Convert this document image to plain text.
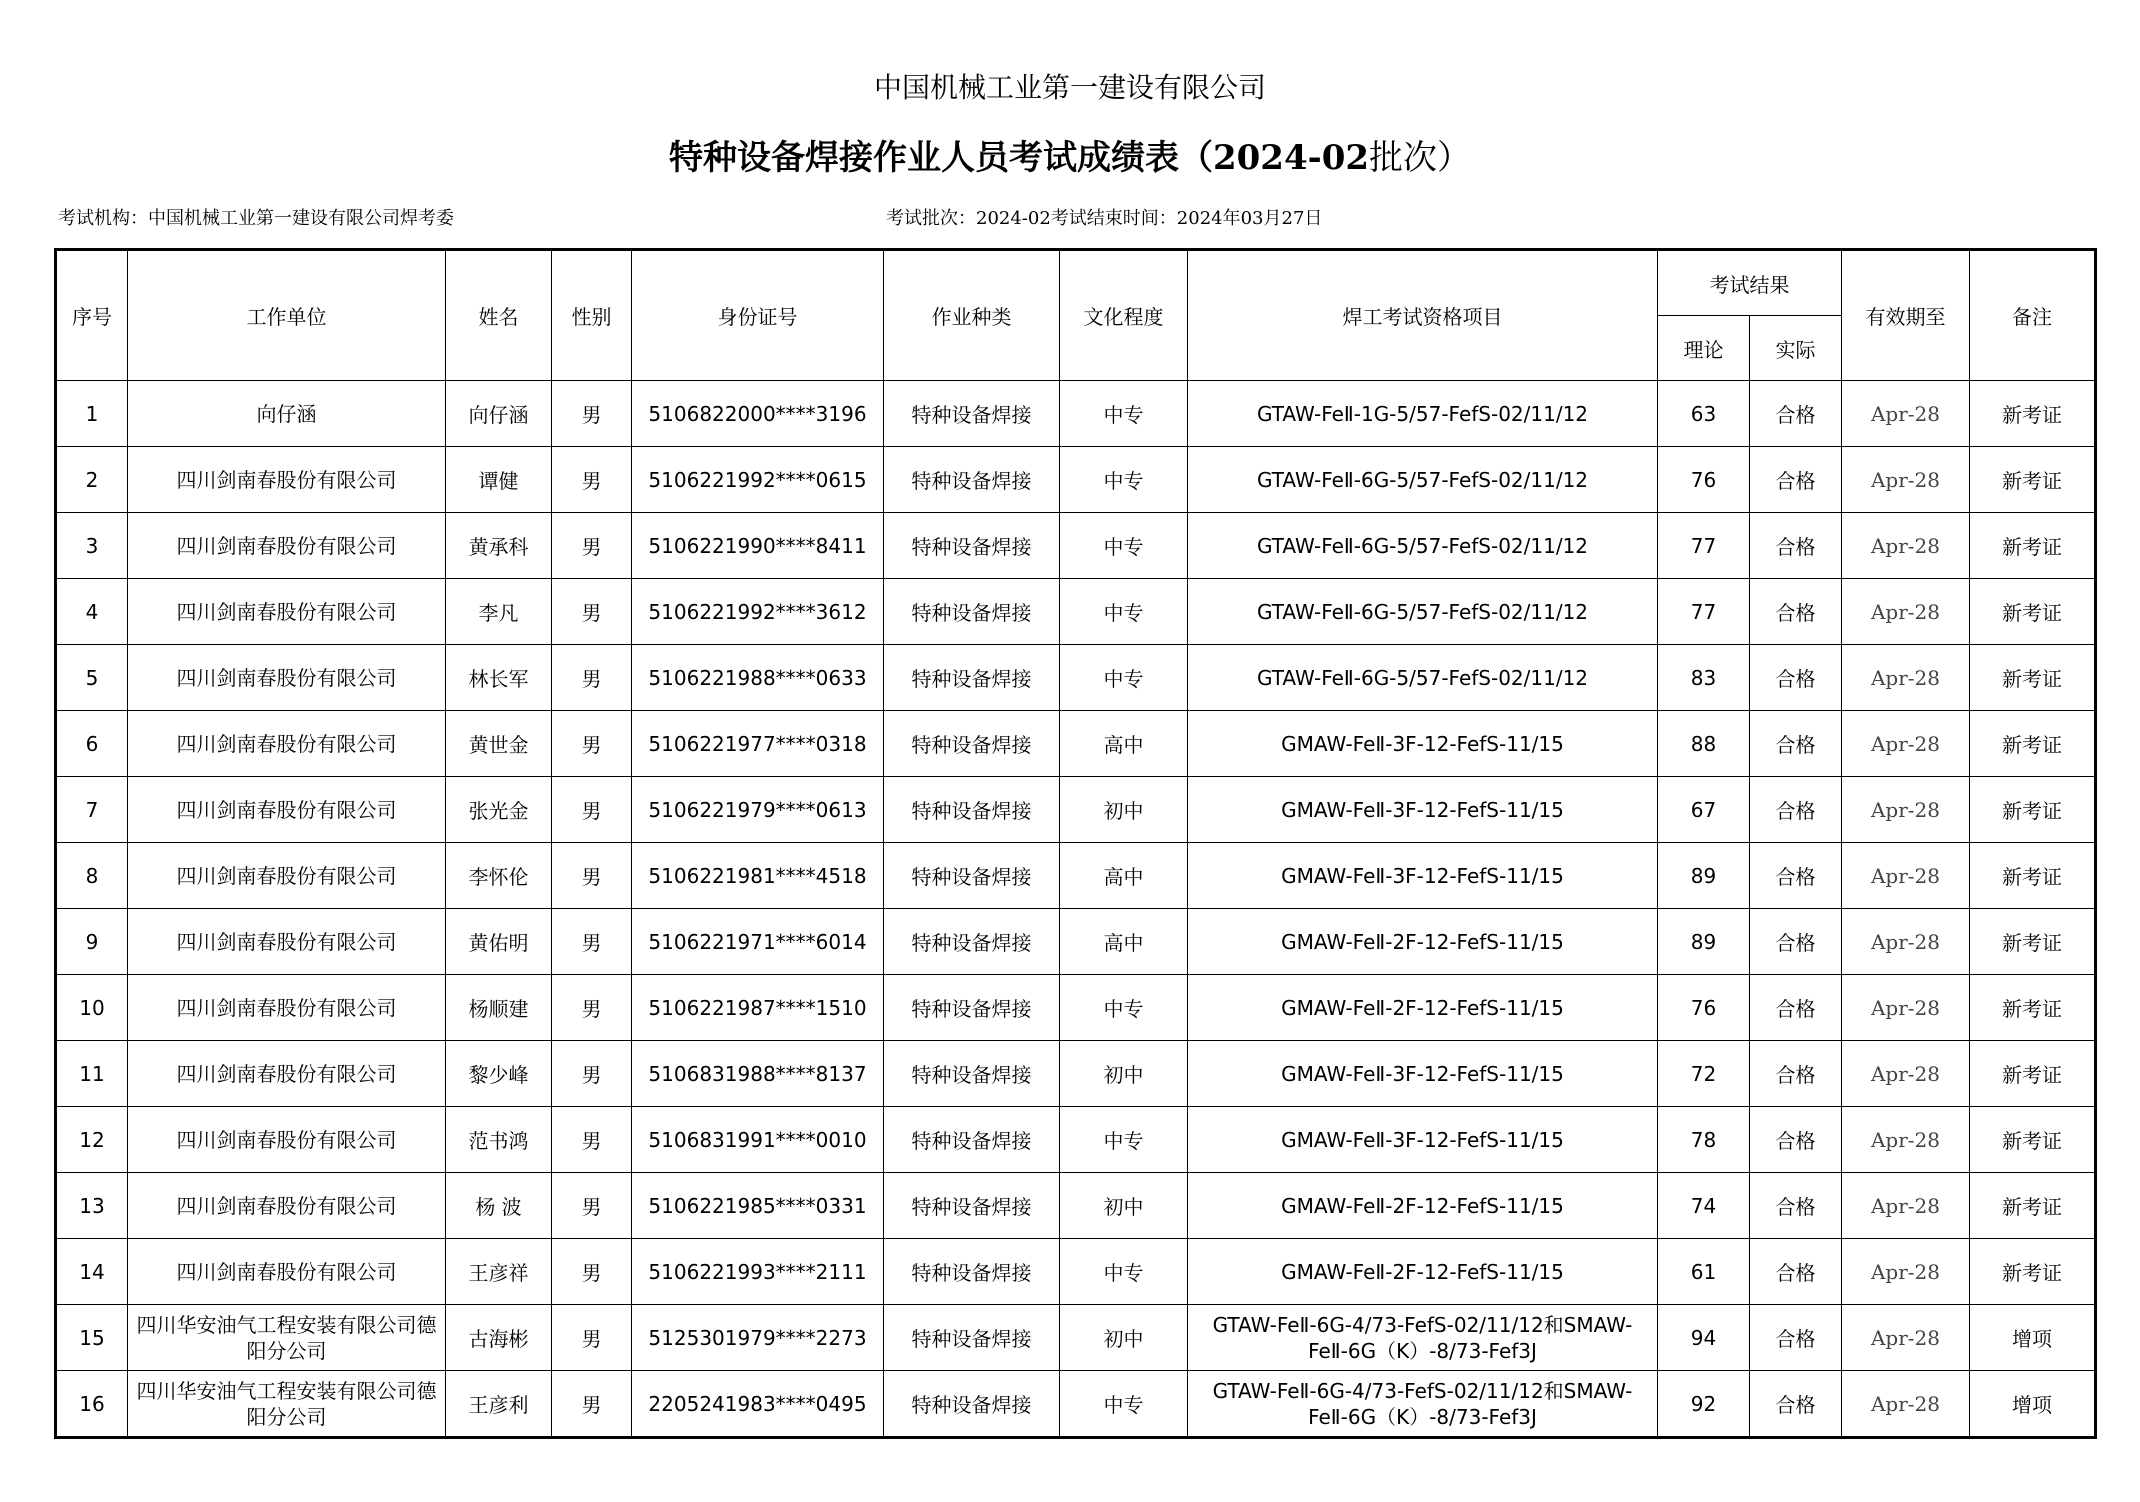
中国机械工业第一建设有限公司
特种设备焊接作业人员考试成绩表（2024-02批次）
考试机构：中国机械工业第一建设有限公司焊考委	考试批次：2024-02考试结束时间：2024年03月27日
序号	工作单位	姓名	性别	身份证号	作业种类	文化程度	焊工考试资格项目	考试结果		有效期至	备注
								理论	实际		
1	向仔涵	向仔涵	男	5106822000****3196	特种设备焊接	中专	GTAW-FeⅡ-1G-5/57-FefS-02/11/12	63	合格	Apr-28	新考证
2	四川剑南春股份有限公司	谭健	男	5106221992****0615	特种设备焊接	中专	GTAW-FeⅡ-6G-5/57-FefS-02/11/12	76	合格	Apr-28	新考证
3	四川剑南春股份有限公司	黄承科	男	5106221990****8411	特种设备焊接	中专	GTAW-FeⅡ-6G-5/57-FefS-02/11/12	77	合格	Apr-28	新考证
4	四川剑南春股份有限公司	李凡	男	5106221992****3612	特种设备焊接	中专	GTAW-FeⅡ-6G-5/57-FefS-02/11/12	77	合格	Apr-28	新考证
5	四川剑南春股份有限公司	林长军	男	5106221988****0633	特种设备焊接	中专	GTAW-FeⅡ-6G-5/57-FefS-02/11/12	83	合格	Apr-28	新考证
6	四川剑南春股份有限公司	黄世金	男	5106221977****0318	特种设备焊接	高中	GMAW-FeⅡ-3F-12-FefS-11/15	88	合格	Apr-28	新考证
7	四川剑南春股份有限公司	张光金	男	5106221979****0613	特种设备焊接	初中	GMAW-FeⅡ-3F-12-FefS-11/15	67	合格	Apr-28	新考证
8	四川剑南春股份有限公司	李怀伦	男	5106221981****4518	特种设备焊接	高中	GMAW-FeⅡ-3F-12-FefS-11/15	89	合格	Apr-28	新考证
9	四川剑南春股份有限公司	黄佑明	男	5106221971****6014	特种设备焊接	高中	GMAW-FeⅡ-2F-12-FefS-11/15	89	合格	Apr-28	新考证
10	四川剑南春股份有限公司	杨顺建	男	5106221987****1510	特种设备焊接	中专	GMAW-FeⅡ-2F-12-FefS-11/15	76	合格	Apr-28	新考证
11	四川剑南春股份有限公司	黎少峰	男	5106831988****8137	特种设备焊接	初中	GMAW-FeⅡ-3F-12-FefS-11/15	72	合格	Apr-28	新考证
12	四川剑南春股份有限公司	范书鸿	男	5106831991****0010	特种设备焊接	中专	GMAW-FeⅡ-3F-12-FefS-11/15	78	合格	Apr-28	新考证
13	四川剑南春股份有限公司	杨 波	男	5106221985****0331	特种设备焊接	初中	GMAW-FeⅡ-2F-12-FefS-11/15	74	合格	Apr-28	新考证
14	四川剑南春股份有限公司	王彦祥	男	5106221993****2111	特种设备焊接	中专	GMAW-FeⅡ-2F-12-FefS-11/15	61	合格	Apr-28	新考证
15	四川华安油气工程安装有限公司德阳分公司	古海彬	男	5125301979****2273	特种设备焊接	初中	GTAW-FeⅡ-6G-4/73-FefS-02/11/12和SMAW-FeⅡ-6G（K）-8/73-Fef3J	94	合格	Apr-28	增项
16	四川华安油气工程安装有限公司德阳分公司	王彦利	男	2205241983****0495	特种设备焊接	中专	GTAW-FeⅡ-6G-4/73-FefS-02/11/12和SMAW-FeⅡ-6G（K）-8/73-Fef3J	92	合格	Apr-28	增项
